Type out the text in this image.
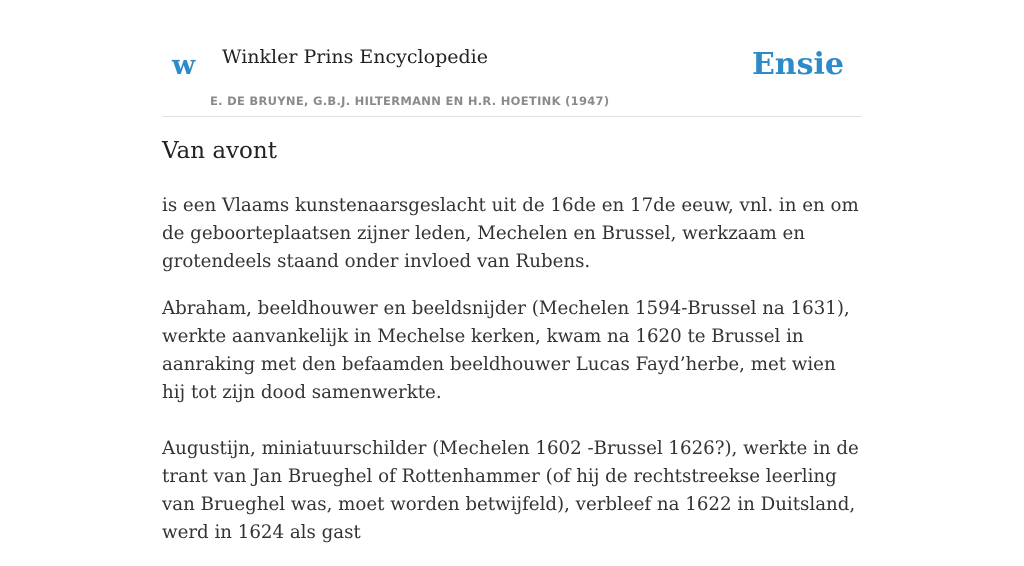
w Winkler Prins Encyclopedie
E. DE BRUYNE, G.B.J. HILTERMANN EN H.R. HOETINK (1947)
Ensie
Van avont

is een Vlaams kunstenaarsgeslacht uit de 16de en 17de eeuw, vnl. in en om de geboorteplaatsen zijner leden, Mechelen en Brussel, werkzaam en grotendeels staand onder invloed van Rubens.

Abraham, beeldhouwer en beeldsnijder (Mechelen 1594-Brussel na 1631), werkte aanvankelijk in Mechelse kerken, kwam na 1620 te Brussel in aanraking met den befaamden beeldhouwer Lucas Fayd’herbe, met wien hij tot zijn dood samenwerkte.

Augustijn, miniatuurschilder (Mechelen 1602 -Brussel 1626?), werkte in de trant van Jan Brueghel of Rottenhammer (of hij de rechtstreekse leerling van Brueghel was, moet worden betwijfeld), verbleef na 1622 in Duitsland, werd in 1624 als gast
